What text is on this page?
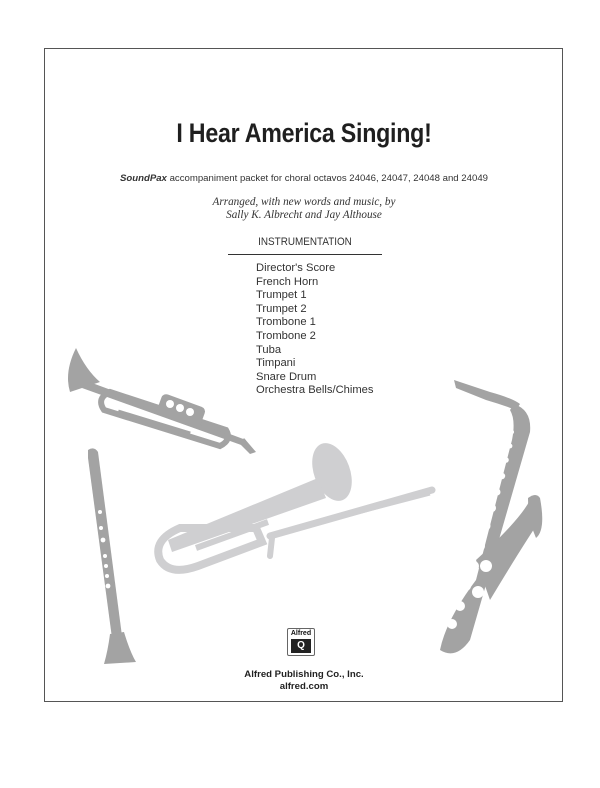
I Hear America Singing!
SoundPax accompaniment packet for choral octavos 24046, 24047, 24048 and 24049
Arranged, with new words and music, by
Sally K. Albrecht and Jay Althouse
INSTRUMENTATION
Director's Score
French Horn
Trumpet 1
Trumpet 2
Trombone 1
Trombone 2
Tuba
Timpani
Snare Drum
Orchestra Bells/Chimes
Alfred
Q
Alfred Publishing Co., Inc.
alfred.com
